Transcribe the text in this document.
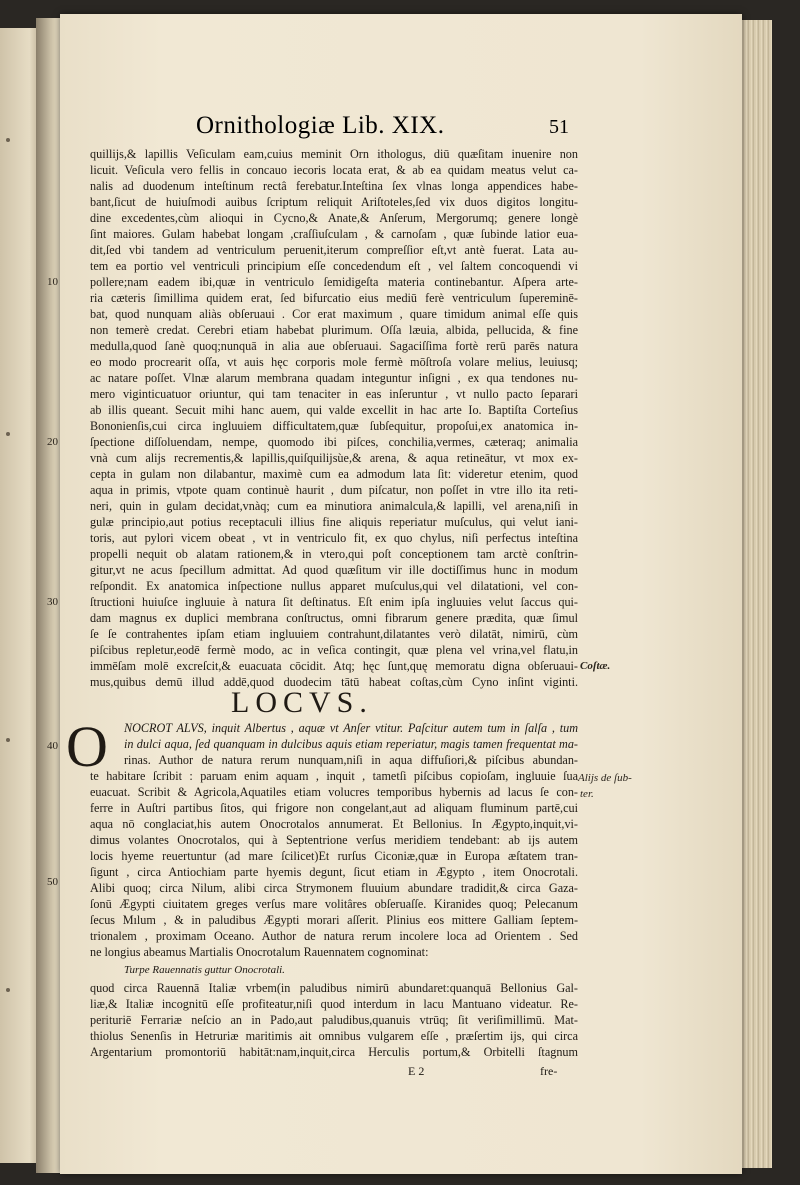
Ornithologiæ Lib. XIX.	51
quillijs,& lapillis Veſiculam eam,cuius meminit Orn ithologus, diū quæſitam inuenire non
licuit. Veſicula vero fellis in concauo iecoris locata erat, & ab ea quidam meatus velut ca-
nalis ad duodenum inteſtinum rectâ ferebatur.Inteſtina ſex vlnas longa appendices habe-
bant,ſicut de huiuſmodi auibus ſcriptum reliquit Ariſtoteles,ſed vix duos digitos longitu-
dine excedentes,cùm alioqui in Cycno,& Anate,& Anſerum, Mergorumq; genere longè
ſint maiores. Gulam habebat longam ,craſſiuſculam , & carnoſam , quæ ſubinde latior eua-
dit,ſed vbi tandem ad ventriculum peruenit,iterum compreſſior eſt,vt antè fuerat. Lata au-
tem ea portio vel ventriculi principium eſſe concedendum eſt , vel ſaltem concoquendi vi
pollere;nam eadem ibi,quæ in ventriculo ſemidigeſta materia continebantur. Aſpera arte-
ria cæteris ſimillima quidem erat, ſed bifurcatio eius mediū ferè ventriculum ſupereminē-
bat, quod nunquam aliàs obſeruaui . Cor erat maximum , quare timidum animal eſſe quis
non temerè credat. Cerebri etiam habebat plurimum. Oſſa læuia, albida, pellucida, & fine
medulla,quod ſanè quoq;nunquā in alia aue obſeruaui. Sagaciſſima fortè rerū parēs natura
eo modo procrearit oſſa, vt auis hęc corporis mole fermè mōſtroſa volare melius, leuiusq;
ac natare poſſet. Vlnæ alarum membrana quadam integuntur inſigni , ex qua tendones nu-
mero viginticuatuor oriuntur, qui tam tenaciter in eas inſeruntur , vt nullo pacto ſeparari
ab illis queant. Secuit mihi hanc auem, qui valde excellit in hac arte Io. Baptiſta Corteſius
Bononienſis,cui circa ingluuiem difficultatem,quæ ſubſequitur, propoſui,ex anatomica in-
ſpectione diſſoluendam, nempe, quomodo ibi piſces, conchilia,vermes, cæteraq; animalia
vnà cum alijs recrementis,& lapillis,quiſquilijsùe,& arena, & aqua retineātur, vt mox ex-
cepta in gulam non dilabantur, maximè cum ea admodum lata ſit: videretur etenim, quod
aqua in primis, vtpote quam continuè haurit , dum piſcatur, non poſſet in vtre illo ita reti-
neri, quin in gulam decidat,vnàq; cum ea minutiora animalcula,& lapilli, vel arena,niſi in
gulæ principio,aut potius receptaculi illius fine aliquis reperiatur muſculus, qui velut iani-
toris, aut pylori vicem obeat , vt in ventriculo fit, ex quo chylus, niſi perfectus inteſtina
propelli nequit ob alatam rationem,& in vtero,qui poſt conceptionem tam arctè conſtrin-
gitur,vt ne acus ſpecillum admittat. Ad quod quæſitum vir ille doctiſſimus hunc in modum
reſpondit. Ex anatomica inſpectione nullus apparet muſculus,qui vel dilatationi, vel con-
ſtructioni huiuſce ingluuie à natura ſit deſtinatus. Eſt enim ipſa ingluuies velut ſaccus qui-
dam magnus ex duplici membrana conſtructus, omni fibrarum genere prædita, quæ ſimul
ſe ſe contrahentes ipſam etiam ingluuiem contrahunt,dilatantes verò dilatāt, nimirū, cùm
piſcibus repletur,eodē fermè modo, ac in veſica contingit, quæ plena vel vrina,vel flatu,in
immēſam molē excreſcit,& euacuata cōcidit. Atq; hęc ſunt,quę memoratu digna obſeruaui-
mus,quibus demū illud addē,quod duodecim tātū habeat coſtas,cùm Cyno inſint viginti.
10
20
30
40
50
Coſtæ.
Alijs de ſub-
ter.
LOCVS.
O NOCROT ALVS, inquit Albertus , aquæ vt Anſer vtitur. Paſcitur autem tum in ſalſa , tum
in dulci aqua, ſed quanquam in dulcibus aquis etiam reperiatur, magis tamen frequentat ma-
rinas. Author de natura rerum nunquam,niſi in aqua diffuſiori,& piſcibus abundan-
te habitare ſcribit : paruam enim aquam , inquit , tametſi piſcibus copioſam, ingluuie ſua
euacuat. Scribit & Agricola,Aquatiles etiam volucres temporibus hybernis ad lacus ſe con-
ferre in Auſtri partibus ſitos, qui frigore non congelant,aut ad aliquam fluminum partē,cui
aqua nō conglaciat,his autem Onocrotalos annumerat. Et Bellonius. In Ægypto,inquit,vi-
dimus volantes Onocrotalos, qui à Septentrione verſus meridiem tendebant: ab ijs autem
locis hyeme reuertuntur (ad mare ſcilicet)Et rurſus Ciconiæ,quæ in Europa æſtatem tran-
ſigunt , circa Antiochiam parte hyemis degunt, ſicut etiam in Ægypto , item Onocrotali.
Alibi quoq; circa Nilum, alibi circa Strymonem fluuium abundare tradidit,& circa Gaza-
ſonū Ægypti ciuitatem greges verſus mare volitâres obſeruaſſe. Kiranides quoq; Pelecanum
ſecus Mılum , & in paludibus Ægypti morari aſſerit. Plinius eos mittere Galliam ſeptem-
trionalem , proximam Oceano. Author de natura rerum incolere loca ad Orientem . Sed
ne longius abeamus Martialis Onocrotalum Rauennatem cognominat:
Turpe Rauennatis guttur Onocrotali.
quod circa Rauennā Italiæ vrbem(in paludibus nimirū abundaret:quanquā Bellonius Gal-
liæ,& Italiæ incognitū eſſe profiteatur,niſi quod interdum in lacu Mantuano videatur. Re-
perituriē Ferrariæ neſcio an in Pado,aut paludibus,quanuis vtrūq; ſit veriſimillimū. Mat-
thiolus Senenſis in Hetruriæ maritimis ait omnibus vulgarem eſſe , præſertim ijs, qui circa
Argentarium promontoriū habitāt:nam,inquit,circa Herculis portum,& Orbitelli ſtagnum
E 2	fre-
